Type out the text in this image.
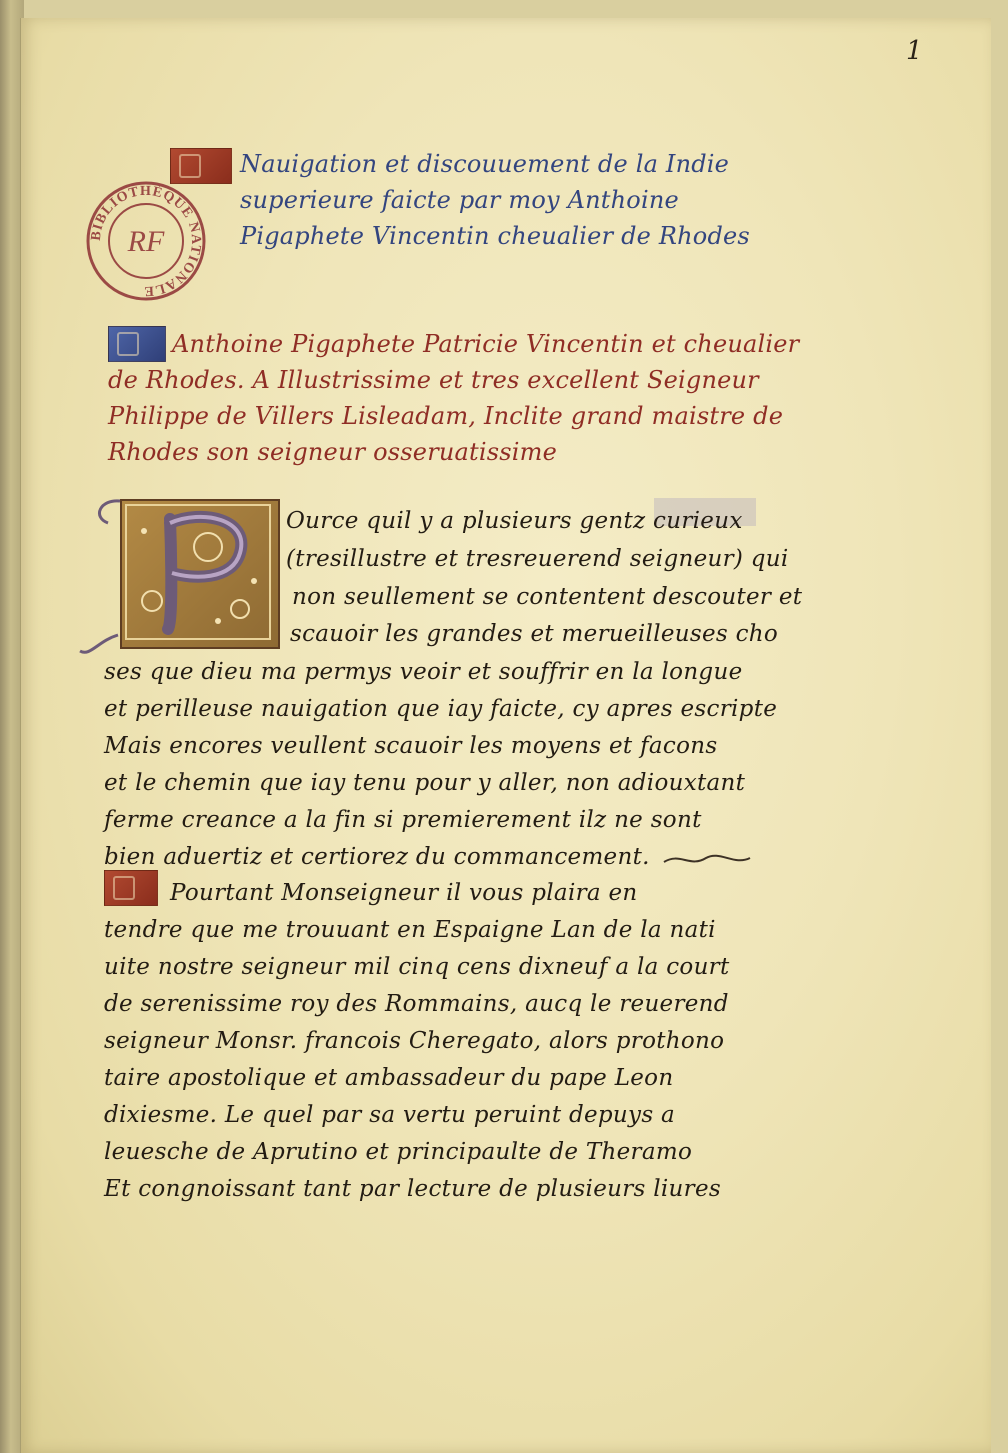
1
BIBLIOTHÈQUE NATIONALE
RF
Nauigation et discouuement de la Indie
superieure faicte par moy Anthoine
Pigaphete Vincentin cheualier de Rhodes
Anthoine Pigaphete Patricie Vincentin et cheualier
de Rhodes. A Illustrissime et tres excellent Seigneur
Philippe de Villers Lisleadam, Inclite grand maistre de
Rhodes son seigneur osseruatissime
Ource quil y a plusieurs gentz curieux
(tresillustre et tresreuerend seigneur) qui
non seullement se contentent descouter et
scauoir les grandes et merueilleuses cho
ses que dieu ma permys veoir et souffrir en la longue
et perilleuse nauigation que iay faicte, cy apres escripte
Mais encores veullent scauoir les moyens et facons
et le chemin que iay tenu pour y aller, non adiouxtant
ferme creance a la fin si premierement ilz ne sont
bien aduertiz et certiorez du commancement.
Pourtant Monseigneur il vous plaira en
tendre que me trouuant en Espaigne Lan de la nati
uite nostre seigneur mil cinq cens dixneuf a la court
de serenissime roy des Rommains, aucq le reuerend
seigneur Monsr. francois Cheregato, alors prothono
taire apostolique et ambassadeur du pape Leon
dixiesme. Le quel par sa vertu peruint depuys a
leuesche de Aprutino et principaulte de Theramo
Et congnoissant tant par lecture de plusieurs liures
